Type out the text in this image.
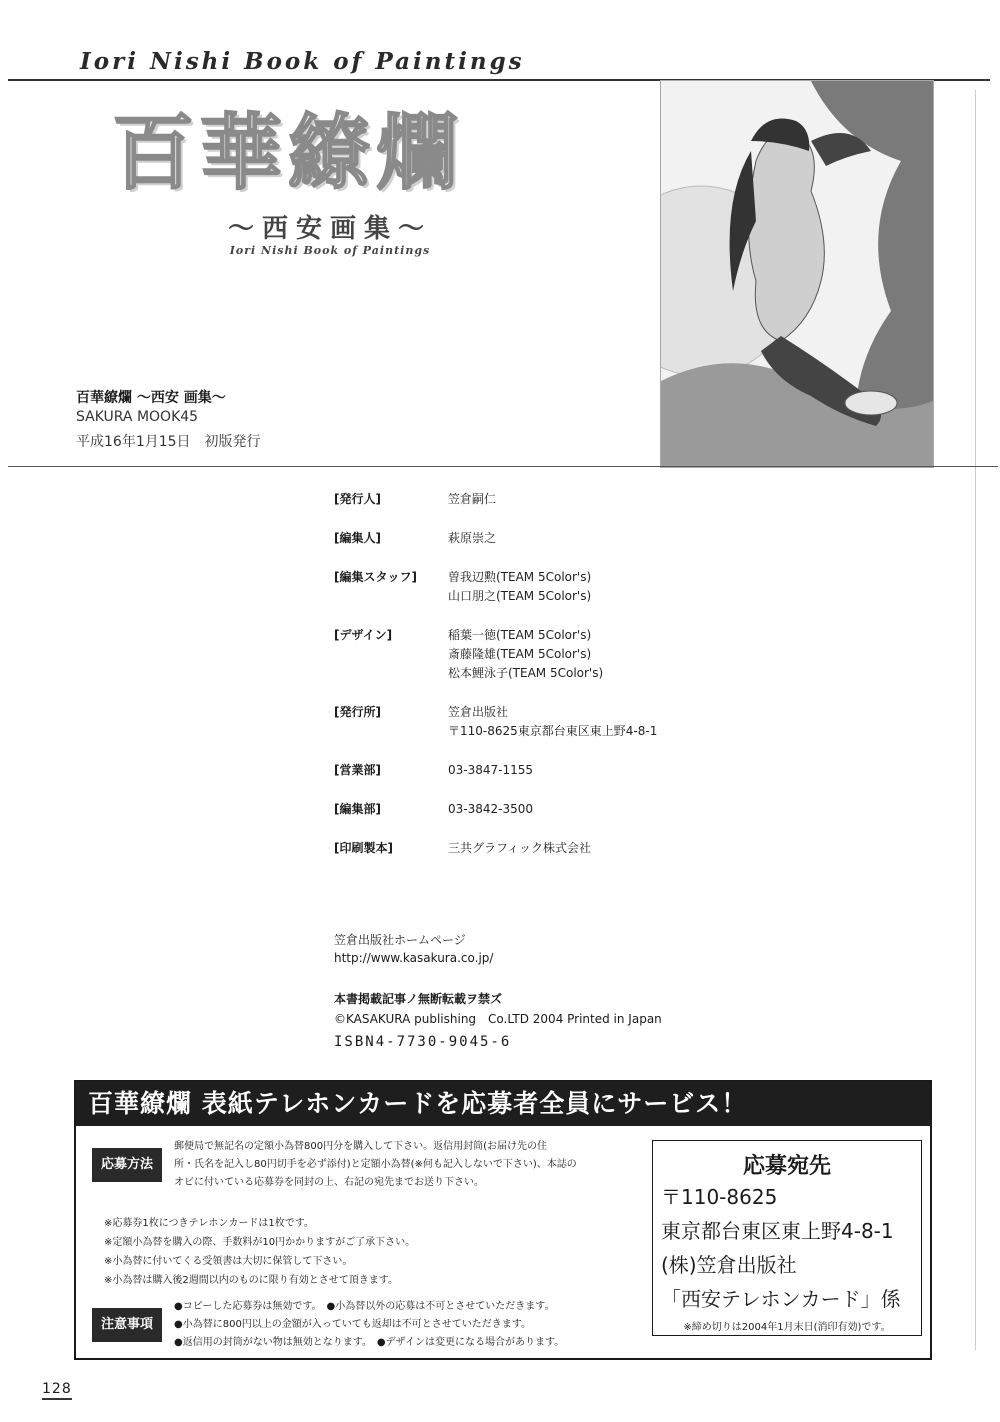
Iori Nishi Book of Paintings
百華繚爛
〜西安画集〜
Iori Nishi Book of Paintings
百華繚爛 〜西安 画集〜
SAKURA MOOK45
平成16年1月15日　初版発行
[発行人]	笠倉嗣仁
[編集人]	萩原崇之
[編集スタッフ]	曽我辺勲(TEAM 5Color's)
山口朋之(TEAM 5Color's)
[デザイン]	稲葉一徳(TEAM 5Color's)
斎藤隆雄(TEAM 5Color's)
松本鯉泳子(TEAM 5Color's)
[発行所]	笠倉出版社
〒110-8625東京都台東区東上野4-8-1
[営業部]	03-3847-1155
[編集部]	03-3842-3500
[印刷製本]	三共グラフィック株式会社
笠倉出版社ホームページ
http://www.kasakura.co.jp/
本書掲載記事ノ無断転載ヲ禁ズ
©KASAKURA publishing　Co.LTD 2004 Printed in Japan
ISBN4-7730-9045-6
百華繚爛 表紙テレホンカードを応募者全員にサービス！
応募方法
郵便局で無記名の定額小為替800円分を購入して下さい。返信用封筒(お届け先の住
所・氏名を記入し80円切手を必ず添付)と定額小為替(※何も記入しないで下さい)、本誌の
オビに付いている応募券を同封の上、右記の宛先までお送り下さい。
※応募券1枚につきテレホンカードは1枚です。
※定額小為替を購入の際、手数料が10円かかりますがご了承下さい。
※小為替に付いてくる受領書は大切に保管して下さい。
※小為替は購入後2週間以内のものに限り有効とさせて頂きます。
注意事項
●コピーした応募券は無効です。　●小為替以外の応募は不可とさせていただきます。
●小為替に800円以上の金額が入っていても返却は不可とさせていただきます。
●返信用の封筒がない物は無効となります。　●デザインは変更になる場合があります。
応募宛先
〒110-8625
東京都台東区東上野4-8-1
(株)笠倉出版社
「西安テレホンカード」係
※締め切りは2004年1月末日(消印有効)です。
128
